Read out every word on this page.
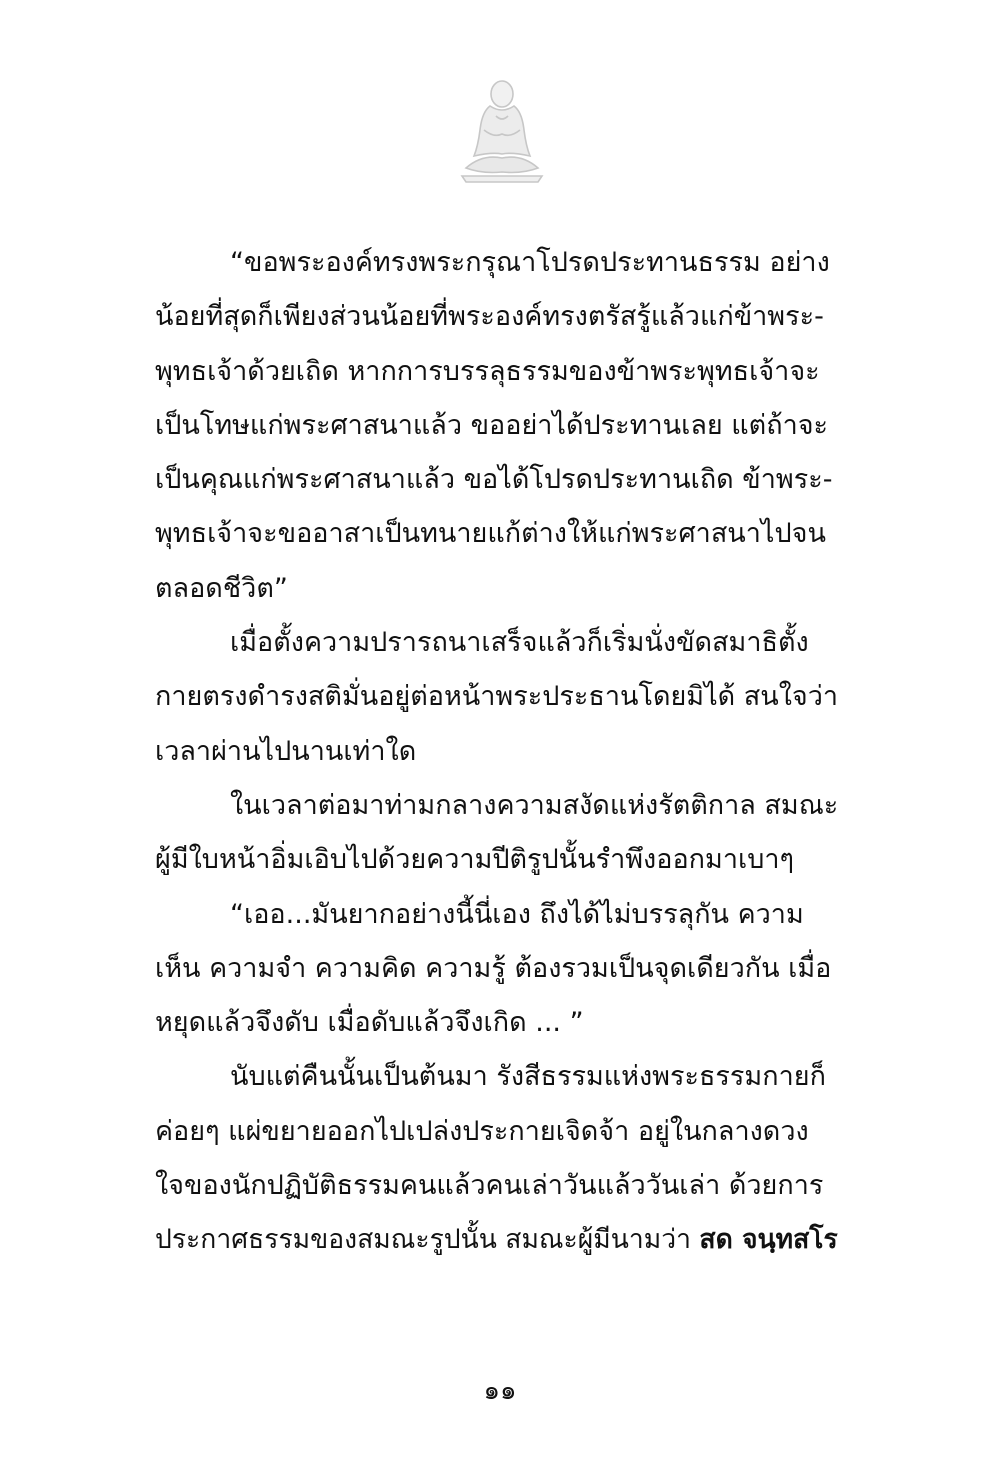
“ขอพระองค์ทรงพระกรุณาโปรดประทานธรรม อย่าง
น้อยที่สุดก็เพียงส่วนน้อยที่พระองค์ทรงตรัสรู้แล้วแก่ข้าพระ-
พุทธเจ้าด้วยเถิด หากการบรรลุธรรมของข้าพระพุทธเจ้าจะ
เป็นโทษแก่พระศาสนาแล้ว ขออย่าได้ประทานเลย แต่ถ้าจะ
เป็นคุณแก่พระศาสนาแล้ว ขอได้โปรดประทานเถิด ข้าพระ-
พุทธเจ้าจะขออาสาเป็นทนายแก้ต่างให้แก่พระศาสนาไปจน
ตลอดชีวิต”
เมื่อตั้งความปรารถนาเสร็จแล้วก็เริ่มนั่งขัดสมาธิตั้ง
กายตรงดำรงสติมั่นอยู่ต่อหน้าพระประธานโดยมิได้ สนใจว่า
เวลาผ่านไปนานเท่าใด
ในเวลาต่อมาท่ามกลางความสงัดแห่งรัตติกาล สมณะ
ผู้มีใบหน้าอิ่มเอิบไปด้วยความปีติรูปนั้นรำพึงออกมาเบาๆ
“เออ...มันยากอย่างนี้นี่เอง ถึงได้ไม่บรรลุกัน ความ
เห็น ความจำ ความคิด ความรู้ ต้องรวมเป็นจุดเดียวกัน เมื่อ
หยุดแล้วจึงดับ เมื่อดับแล้วจึงเกิด ... ”
นับแต่คืนนั้นเป็นต้นมา รังสีธรรมแห่งพระธรรมกายก็
ค่อยๆ แผ่ขยายออกไปเปล่งประกายเจิดจ้า อยู่ในกลางดวง
ใจของนักปฏิบัติธรรมคนแล้วคนเล่าวันแล้ววันเล่า ด้วยการ
ประกาศธรรมของสมณะรูปนั้น สมณะผู้มีนามว่า สด จนฺทสโร
๑๑
